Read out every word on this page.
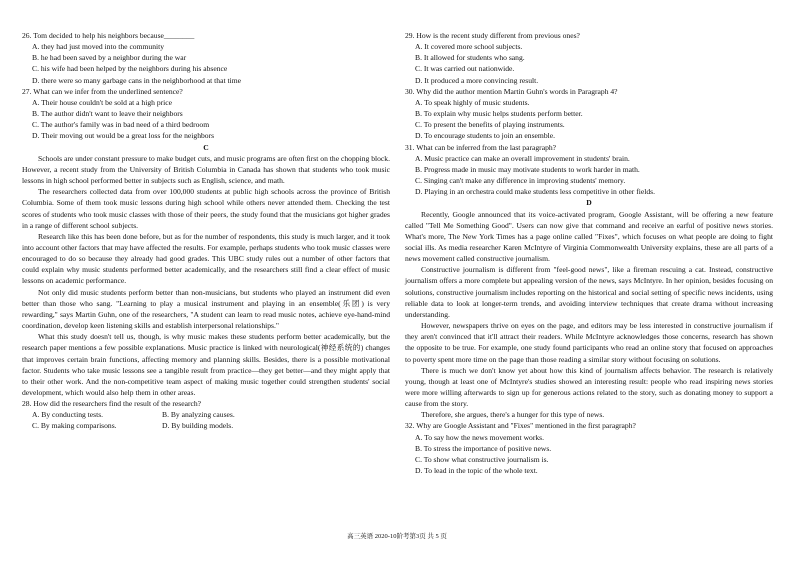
26. Tom decided to help his neighbors because________
A. they had just moved into the community
B. he had been saved by a neighbor during the war
C. his wife had been helped by the neighbors during his absence
D. there were so many garbage cans in the neighborhood at that time
27. What can we infer from the underlined sentence?
A. Their house couldn't be sold at a high price
B. The author didn't want to leave their neighbors
C. The author's family was in bad need of a third bedroom
D. Their moving out would be a great loss for the neighbors
C
Schools are under constant pressure to make budget cuts, and music programs are often first on the chopping block. However, a recent study from the University of British Columbia in Canada has shown that students who took music lessons in high school performed better in subjects such as English, science, and math.
The researchers collected data from over 100,000 students at public high schools across the province of British Columbia. Some of them took music lessons during high school while others never attended them. Checking the test scores of students who took music classes with those of their peers, the study found that the musicians got higher grades in a range of different school subjects.
Research like this has been done before, but as for the number of respondents, this study is much larger, and it took into account other factors that may have affected the results. For example, perhaps students who took music classes were encouraged to do so because they already had good grades. This UBC study rules out a number of other factors that could explain why music students performed better academically, and the researchers still find a clear effect of music lessons on academic performance.
Not only did music students perform better than non-musicians, but students who played an instrument did even better than those who sang. "Learning to play a musical instrument and playing in an ensemble(乐团) is very rewarding," says Martin Guhn, one of the researchers, "A student can learn to read music notes, achieve eye-hand-mind coordination, develop keen listening skills and establish interpersonal relationships."
What this study doesn't tell us, though, is why music makes these students perform better academically, but the research paper mentions a few possible explanations. Music practice is linked with neurological(神经系统的) changes that improves certain brain functions, affecting memory and planning skills. Besides, there is a possible motivational factor. Students who take music lessons see a tangible result from practice—they get better—and they might apply that to their other work. And the non-competitive team aspect of making music together could strengthen students' social development, which would also help them in other areas.
28. How did the researchers find the result of the research?
A. By conducting tests.	B. By analyzing causes.
C. By making comparisons.	D. By building models.
29. How is the recent study different from previous ones?
A. It covered more school subjects.
B. It allowed for students who sang.
C. It was carried out nationwide.
D. It produced a more convincing result.
30. Why did the author mention Martin Guhn's words in Paragraph 4?
A. To speak highly of music students.
B. To explain why music helps students perform better.
C. To present the benefits of playing instruments.
D. To encourage students to join an ensemble.
31. What can be inferred from the last paragraph?
A. Music practice can make an overall improvement in students' brain.
B. Progress made in music may motivate students to work harder in math.
C. Singing can't make any difference in improving students' memory.
D. Playing in an orchestra could make students less competitive in other fields.
D
Recently, Google announced that its voice-activated program, Google Assistant, will be offering a new feature called "Tell Me Something Good". Users can now give that command and receive an earful of positive news stories. What's more, The New York Times has a page online called "Fixes", which focuses on what people are doing to fight social ills. As media researcher Karen McIntyre of Virginia Commonwealth University explains, these are all parts of a news movement called constructive journalism.
Constructive journalism is different from "feel-good news", like a fireman rescuing a cat. Instead, constructive journalism offers a more complete but appealing version of the news, says McIntyre. In her opinion, besides focusing on solutions, constructive journalism includes reporting on the historical and social setting of specific news incidents, using reliable data to look at longer-term trends, and avoiding interview techniques that create drama without increasing understanding.
However, newspapers thrive on eyes on the page, and editors may be less interested in constructive journalism if they aren't convinced that it'll attract their readers. While McIntyre acknowledges those concerns, research has shown the opposite to be true. For example, one study found participants who read an online story that focused on approaches to poverty spent more time on the page than those reading a similar story without focusing on solutions.
There is much we don't know yet about how this kind of journalism affects behavior. The research is relatively young, though at least one of McIntyre's studies showed an interesting result: people who read inspiring news stories were more willing afterwards to sign up for generous actions related to the story, such as donating money to support a cause from the story.
Therefore, she argues, there's a hunger for this type of news.
32. Why are Google Assistant and "Fixes" mentioned in the first paragraph?
A. To say how the news movement works.
B. To stress the importance of positive news.
C. To show what constructive journalism is.
D. To lead in the topic of the whole text.
高三英语 2020-10阶考第3页 共 5 页
